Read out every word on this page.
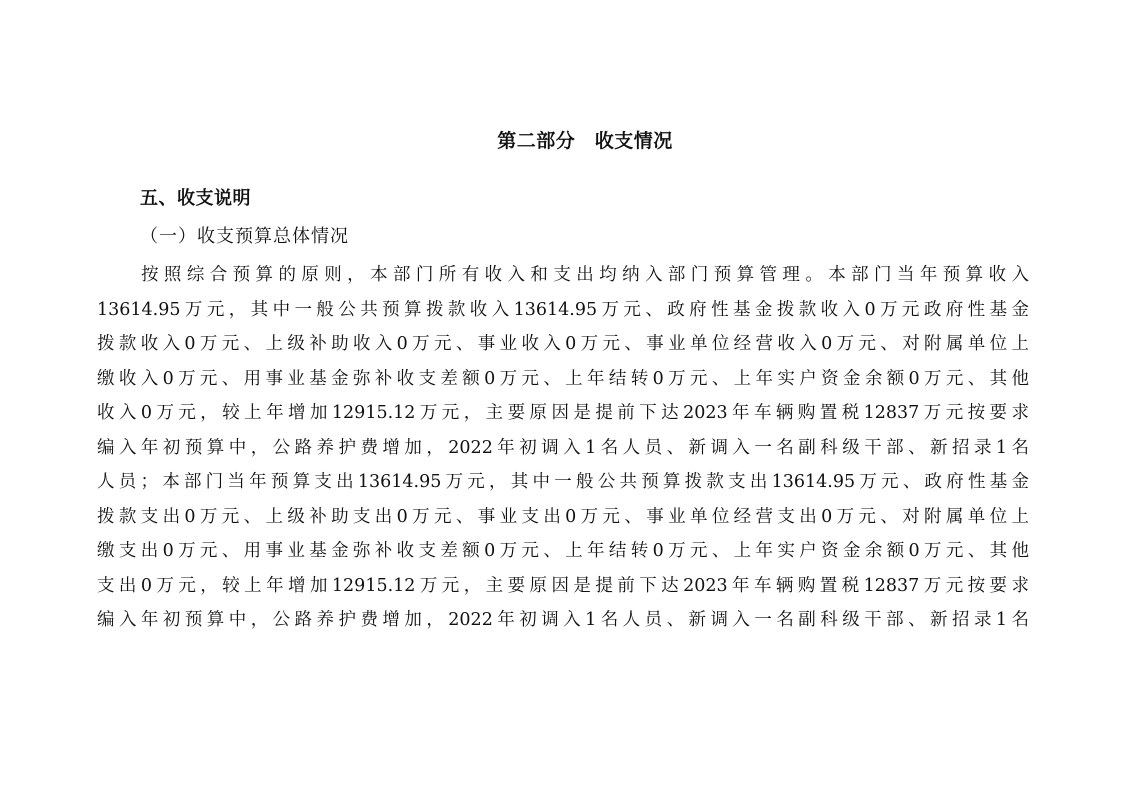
第二部分　收支情况
五、收支说明
（一）收支预算总体情况
按照综合预算的原则，本部门所有收入和支出均纳入部门预算管理。本部门当年预算收入
13614.95万元，其中一般公共预算拨款收入13614.95万元、政府性基金拨款收入0万元政府性基金
拨款收入0万元、上级补助收入0万元、事业收入0万元、事业单位经营收入0万元、对附属单位上
缴收入0万元、用事业基金弥补收支差额0万元、上年结转0万元、上年实户资金余额0万元、其他
收入0万元，较上年增加12915.12万元，主要原因是提前下达2023年车辆购置税12837万元按要求
编入年初预算中，公路养护费增加，2022年初调入1名人员、新调入一名副科级干部、新招录1名
人员；本部门当年预算支出13614.95万元，其中一般公共预算拨款支出13614.95万元、政府性基金
拨款支出0万元、上级补助支出0万元、事业支出0万元、事业单位经营支出0万元、对附属单位上
缴支出0万元、用事业基金弥补收支差额0万元、上年结转0万元、上年实户资金余额0万元、其他
支出0万元，较上年增加12915.12万元，主要原因是提前下达2023年车辆购置税12837万元按要求
编入年初预算中，公路养护费增加，2022年初调入1名人员、新调入一名副科级干部、新招录1名
